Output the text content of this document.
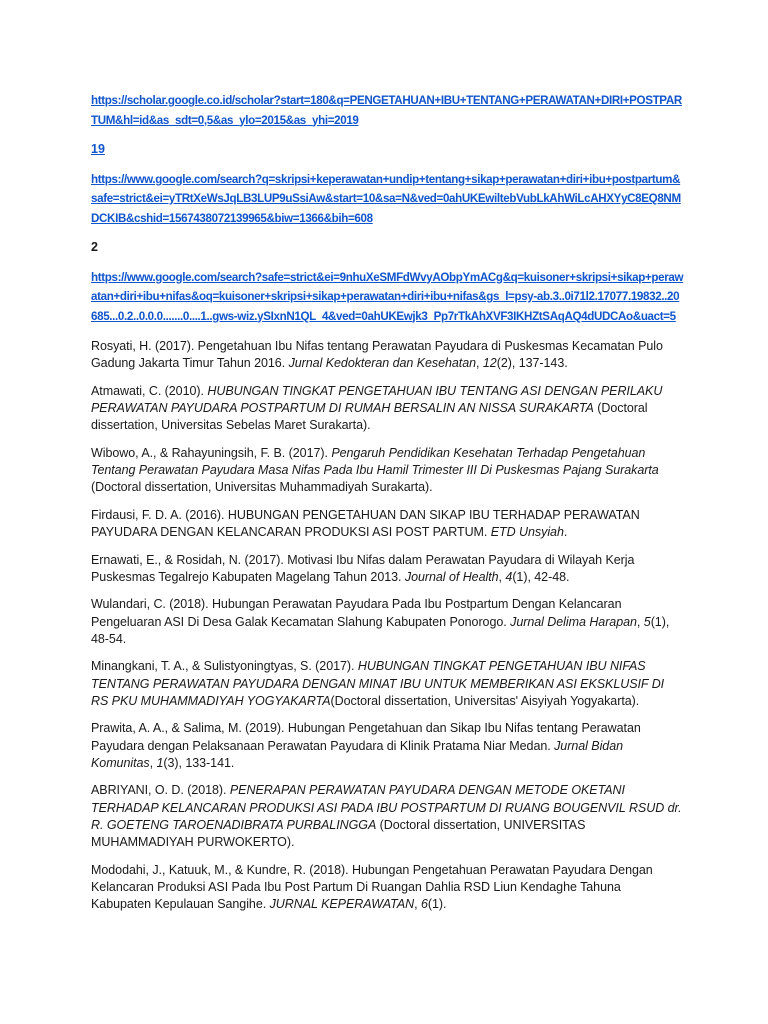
https://scholar.google.co.id/scholar?start=180&q=PENGETAHUAN+IBU+TENTANG+PERAWATAN+DIRI+POSTPARTUM&hl=id&as_sdt=0,5&as_ylo=2015&as_yhi=2019
19
https://www.google.com/search?q=skripsi+keperawatan+undip+tentang+sikap+perawatan+diri+ibu+postpartum&safe=strict&ei=yTRtXeWsJqLB3LUP9uSsiAw&start=10&sa=N&ved=0ahUKEwiltebVubLkAhWiLcAHXYyC8EQ8NMDCKIB&cshid=1567438072139965&biw=1366&bih=608
2
https://www.google.com/search?safe=strict&ei=9nhuXeSMFdWvyAObpYmACg&q=kuisoner+skripsi+sikap+perawatan+diri+ibu+nifas&oq=kuisoner+skripsi+sikap+perawatan+diri+ibu+nifas&gs_l=psy-ab.3..0i71l2.17077.19832..20685...0.2..0.0.0.......0....1..gws-wiz.ySIxnN1QL_4&ved=0ahUKEwjk3_Pp7rTkAhXVF3IKHZtSAqAQ4dUDCAo&uact=5

Rosyati, H. (2017). Pengetahuan Ibu Nifas tentang Perawatan Payudara di Puskesmas Kecamatan Pulo Gadung Jakarta Timur Tahun 2016. Jurnal Kedokteran dan Kesehatan, 12(2), 137-143.

Atmawati, C. (2010). HUBUNGAN TINGKAT PENGETAHUAN IBU TENTANG ASI DENGAN PERILAKU PERAWATAN PAYUDARA POSTPARTUM DI RUMAH BERSALIN AN NISSA SURAKARTA (Doctoral dissertation, Universitas Sebelas Maret Surakarta).

Wibowo, A., & Rahayuningsih, F. B. (2017). Pengaruh Pendidikan Kesehatan Terhadap Pengetahuan Tentang Perawatan Payudara Masa Nifas Pada Ibu Hamil Trimester III Di Puskesmas Pajang Surakarta (Doctoral dissertation, Universitas Muhammadiyah Surakarta).

Firdausi, F. D. A. (2016). HUBUNGAN PENGETAHUAN DAN SIKAP IBU TERHADAP PERAWATAN PAYUDARA DENGAN KELANCARAN PRODUKSI ASI POST PARTUM. ETD Unsyiah.

Ernawati, E., & Rosidah, N. (2017). Motivasi Ibu Nifas dalam Perawatan Payudara di Wilayah Kerja Puskesmas Tegalrejo Kabupaten Magelang Tahun 2013. Journal of Health, 4(1), 42-48.

Wulandari, C. (2018). Hubungan Perawatan Payudara Pada Ibu Postpartum Dengan Kelancaran Pengeluaran ASI Di Desa Galak Kecamatan Slahung Kabupaten Ponorogo. Jurnal Delima Harapan, 5(1), 48-54.

Minangkani, T. A., & Sulistyoningtyas, S. (2017). HUBUNGAN TINGKAT PENGETAHUAN IBU NIFAS TENTANG PERAWATAN PAYUDARA DENGAN MINAT IBU UNTUK MEMBERIKAN ASI EKSKLUSIF DI RS PKU MUHAMMADIYAH YOGYAKARTA(Doctoral dissertation, Universitas' Aisyiyah Yogyakarta).

Prawita, A. A., & Salima, M. (2019). Hubungan Pengetahuan dan Sikap Ibu Nifas tentang Perawatan Payudara dengan Pelaksanaan Perawatan Payudara di Klinik Pratama Niar Medan. Jurnal Bidan Komunitas, 1(3), 133-141.

ABRIYANI, O. D. (2018). PENERAPAN PERAWATAN PAYUDARA DENGAN METODE OKETANI TERHADAP KELANCARAN PRODUKSI ASI PADA IBU POSTPARTUM DI RUANG BOUGENVIL RSUD dr. R. GOETENG TAROENADIBRATA PURBALINGGA (Doctoral dissertation, UNIVERSITAS MUHAMMADIYAH PURWOKERTO).

Mododahi, J., Katuuk, M., & Kundre, R. (2018). Hubungan Pengetahuan Perawatan Payudara Dengan Kelancaran Produksi ASI Pada Ibu Post Partum Di Ruangan Dahlia RSD Liun Kendaghe Tahuna Kabupaten Kepulauan Sangihe. JURNAL KEPERAWATAN, 6(1).
